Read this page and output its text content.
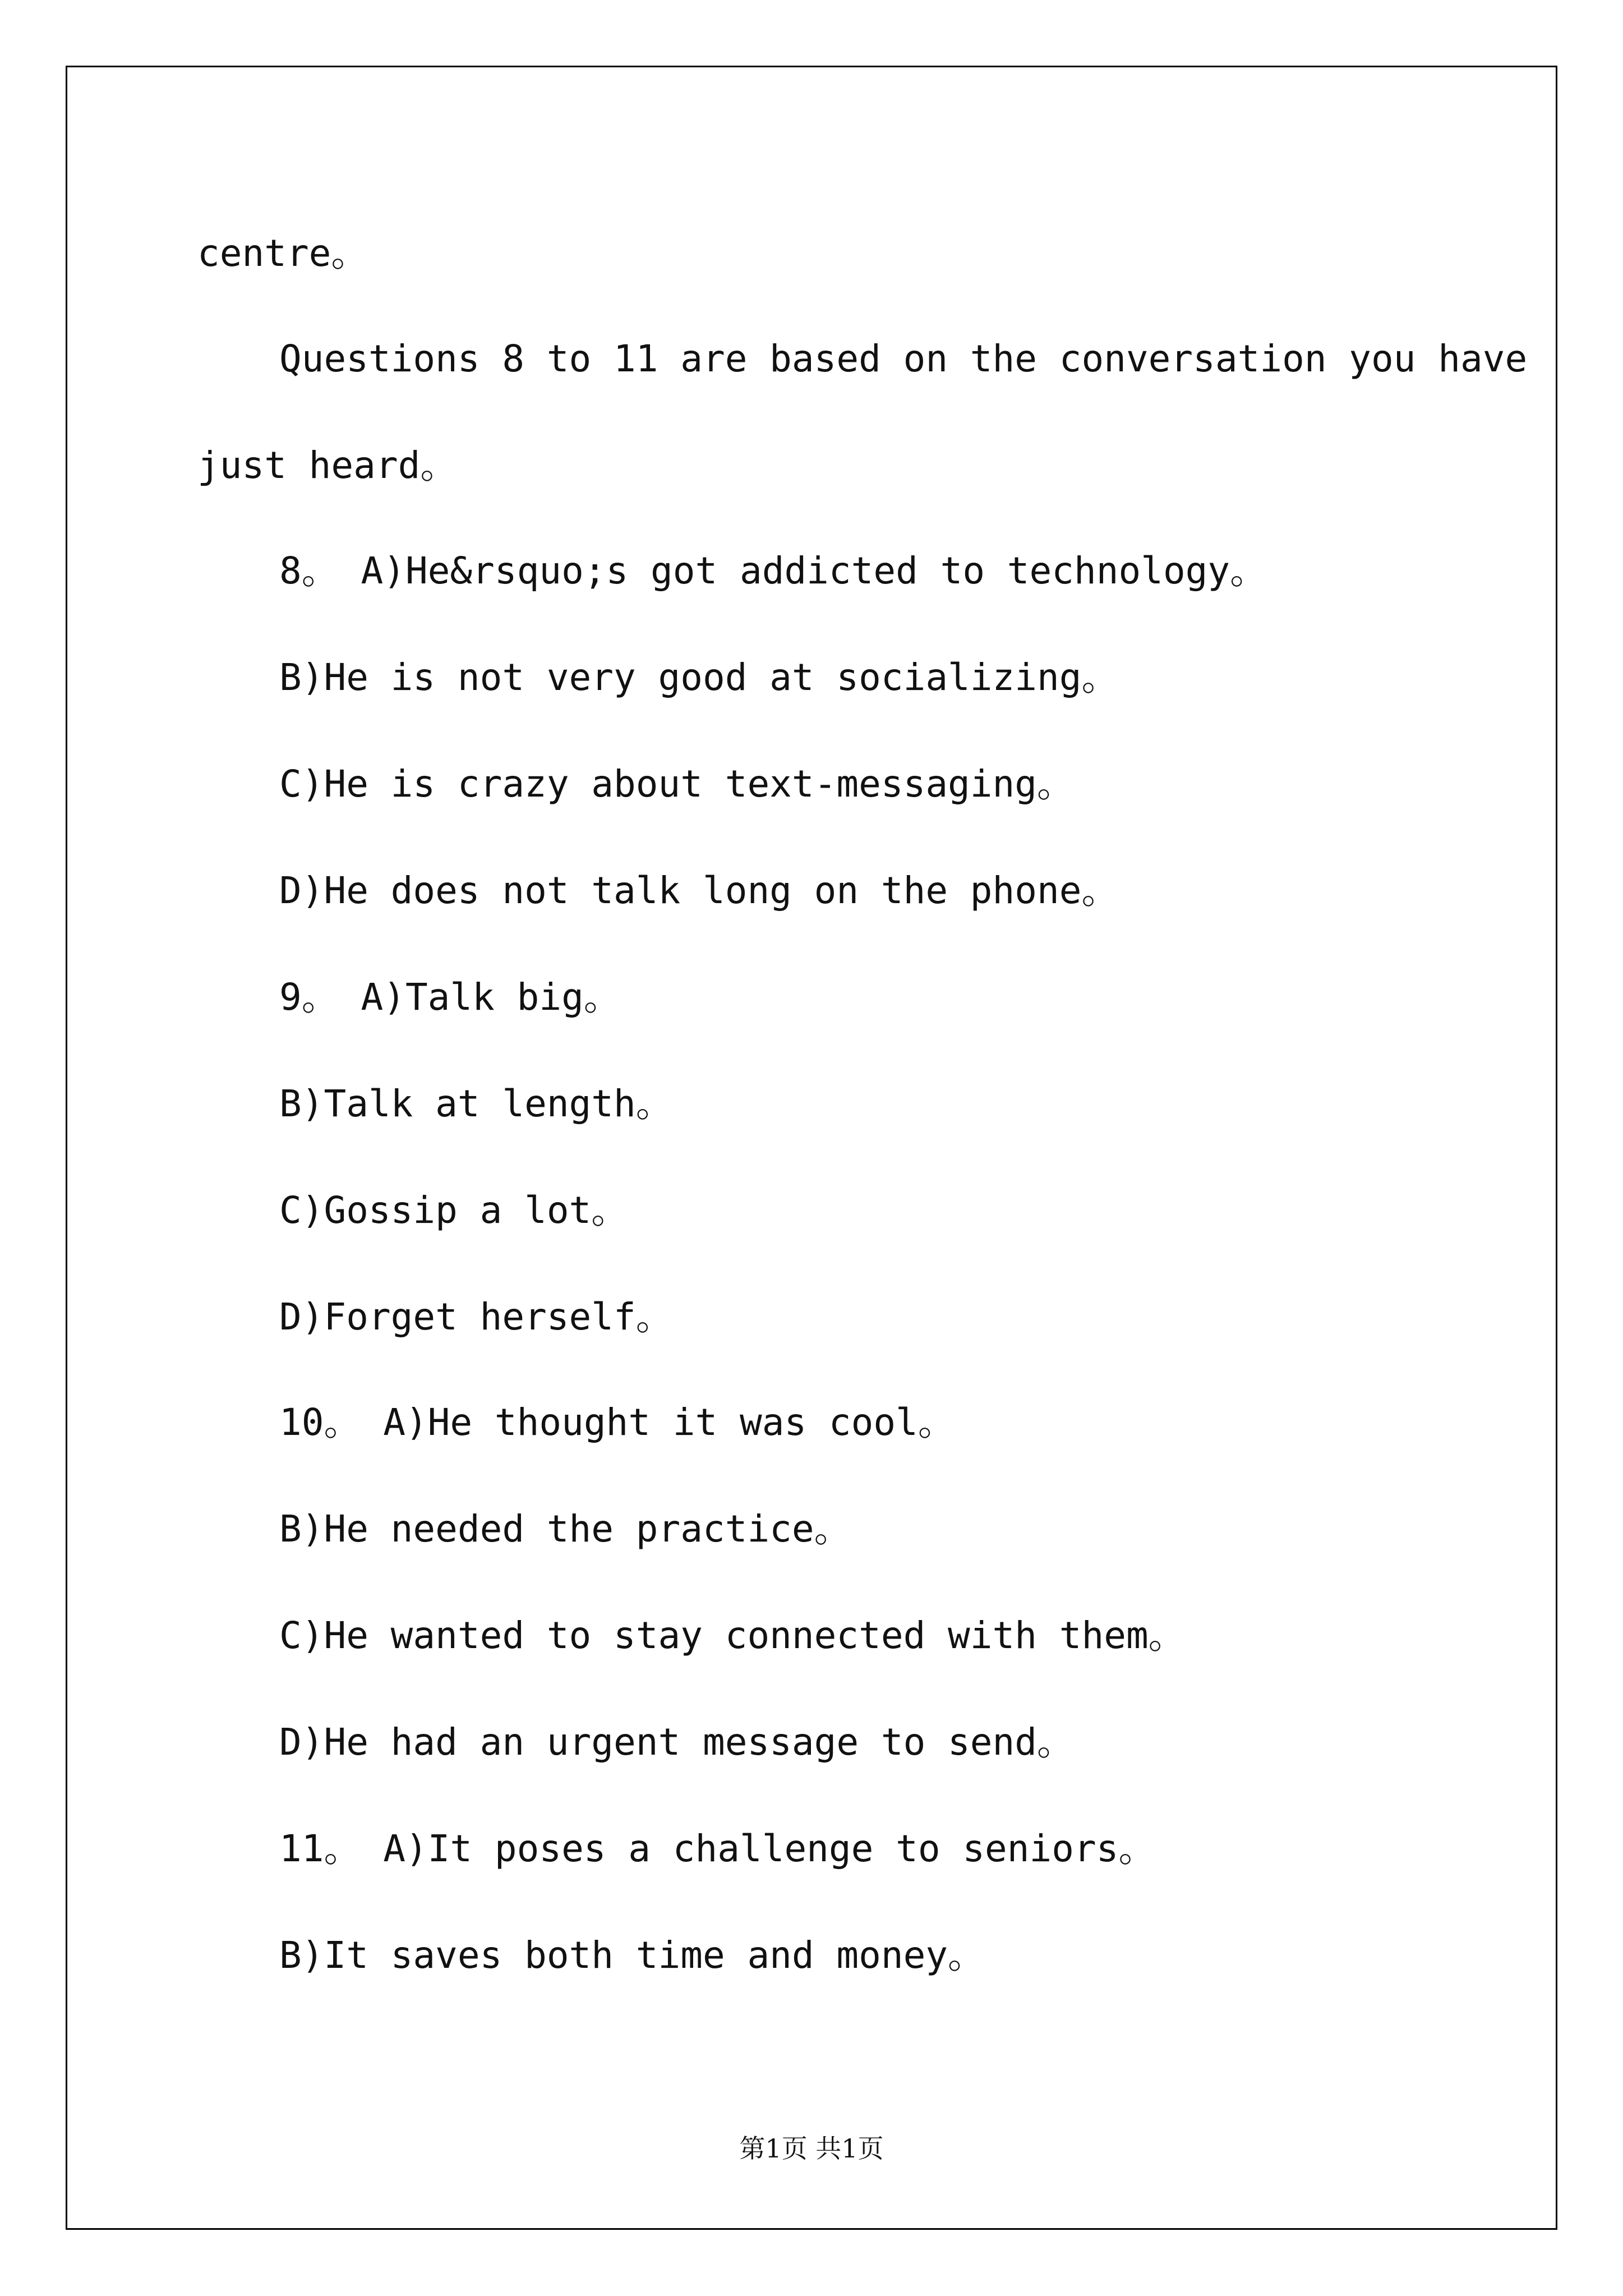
centre。

Questions 8 to 11 are based on the conversation you have

just heard。

8。 A)He&rsquo;s got addicted to technology。

B)He is not very good at socializing。

C)He is crazy about text-messaging。

D)He does not talk long on the phone。

9。 A)Talk big。

B)Talk at length。

C)Gossip a lot。

D)Forget herself。

10。 A)He thought it was cool。

B)He needed the practice。

C)He wanted to stay connected with them。

D)He had an urgent message to send。

11。 A)It poses a challenge to seniors。

B)It saves both time and money。

第1页 共1页
